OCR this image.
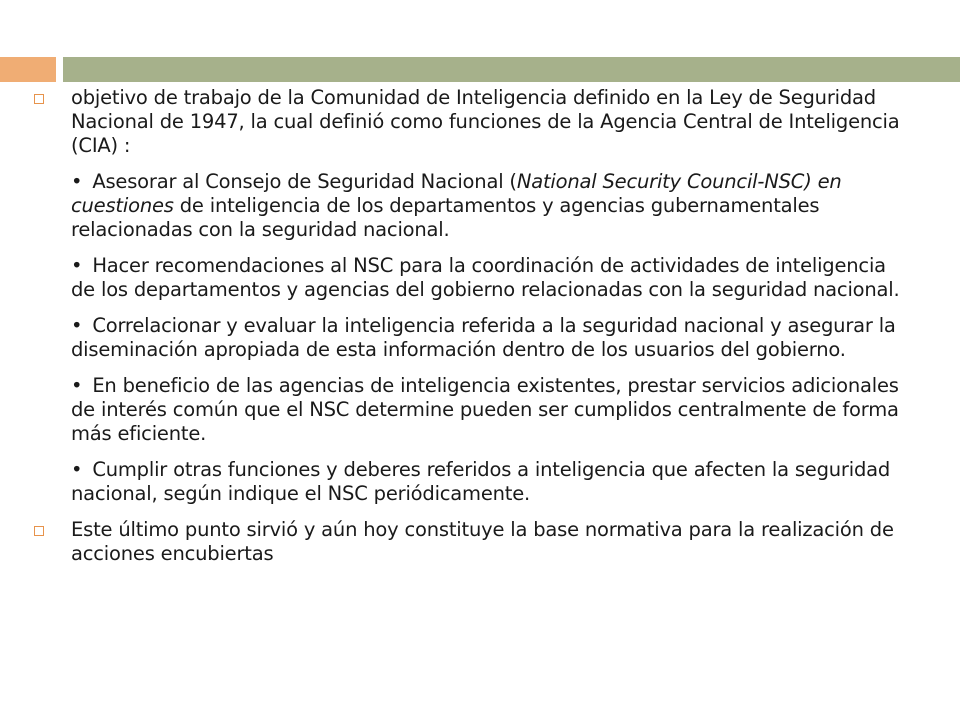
objetivo de trabajo de la Comunidad de Inteligencia definido en la Ley de Seguridad Nacional de 1947, la cual definió como funciones de la Agencia Central de Inteligencia (CIA) :
• Asesorar al Consejo de Seguridad Nacional (National Security Council-NSC) en cuestiones de inteligencia de los departamentos y agencias gubernamentales relacionadas con la seguridad nacional.
• Hacer recomendaciones al NSC para la coordinación de actividades de inteligencia de los departamentos y agencias del gobierno relacionadas con la seguridad nacional.
• Correlacionar y evaluar la inteligencia referida a la seguridad nacional y asegurar la diseminación apropiada de esta información dentro de los usuarios del gobierno.
• En beneficio de las agencias de inteligencia existentes, prestar servicios adicionales de interés común que el NSC determine pueden ser cumplidos centralmente de forma más eficiente.
• Cumplir otras funciones y deberes referidos a inteligencia que afecten la seguridad nacional, según indique el NSC periódicamente.
Este último punto sirvió y aún hoy constituye la base normativa para la realización de acciones encubiertas
